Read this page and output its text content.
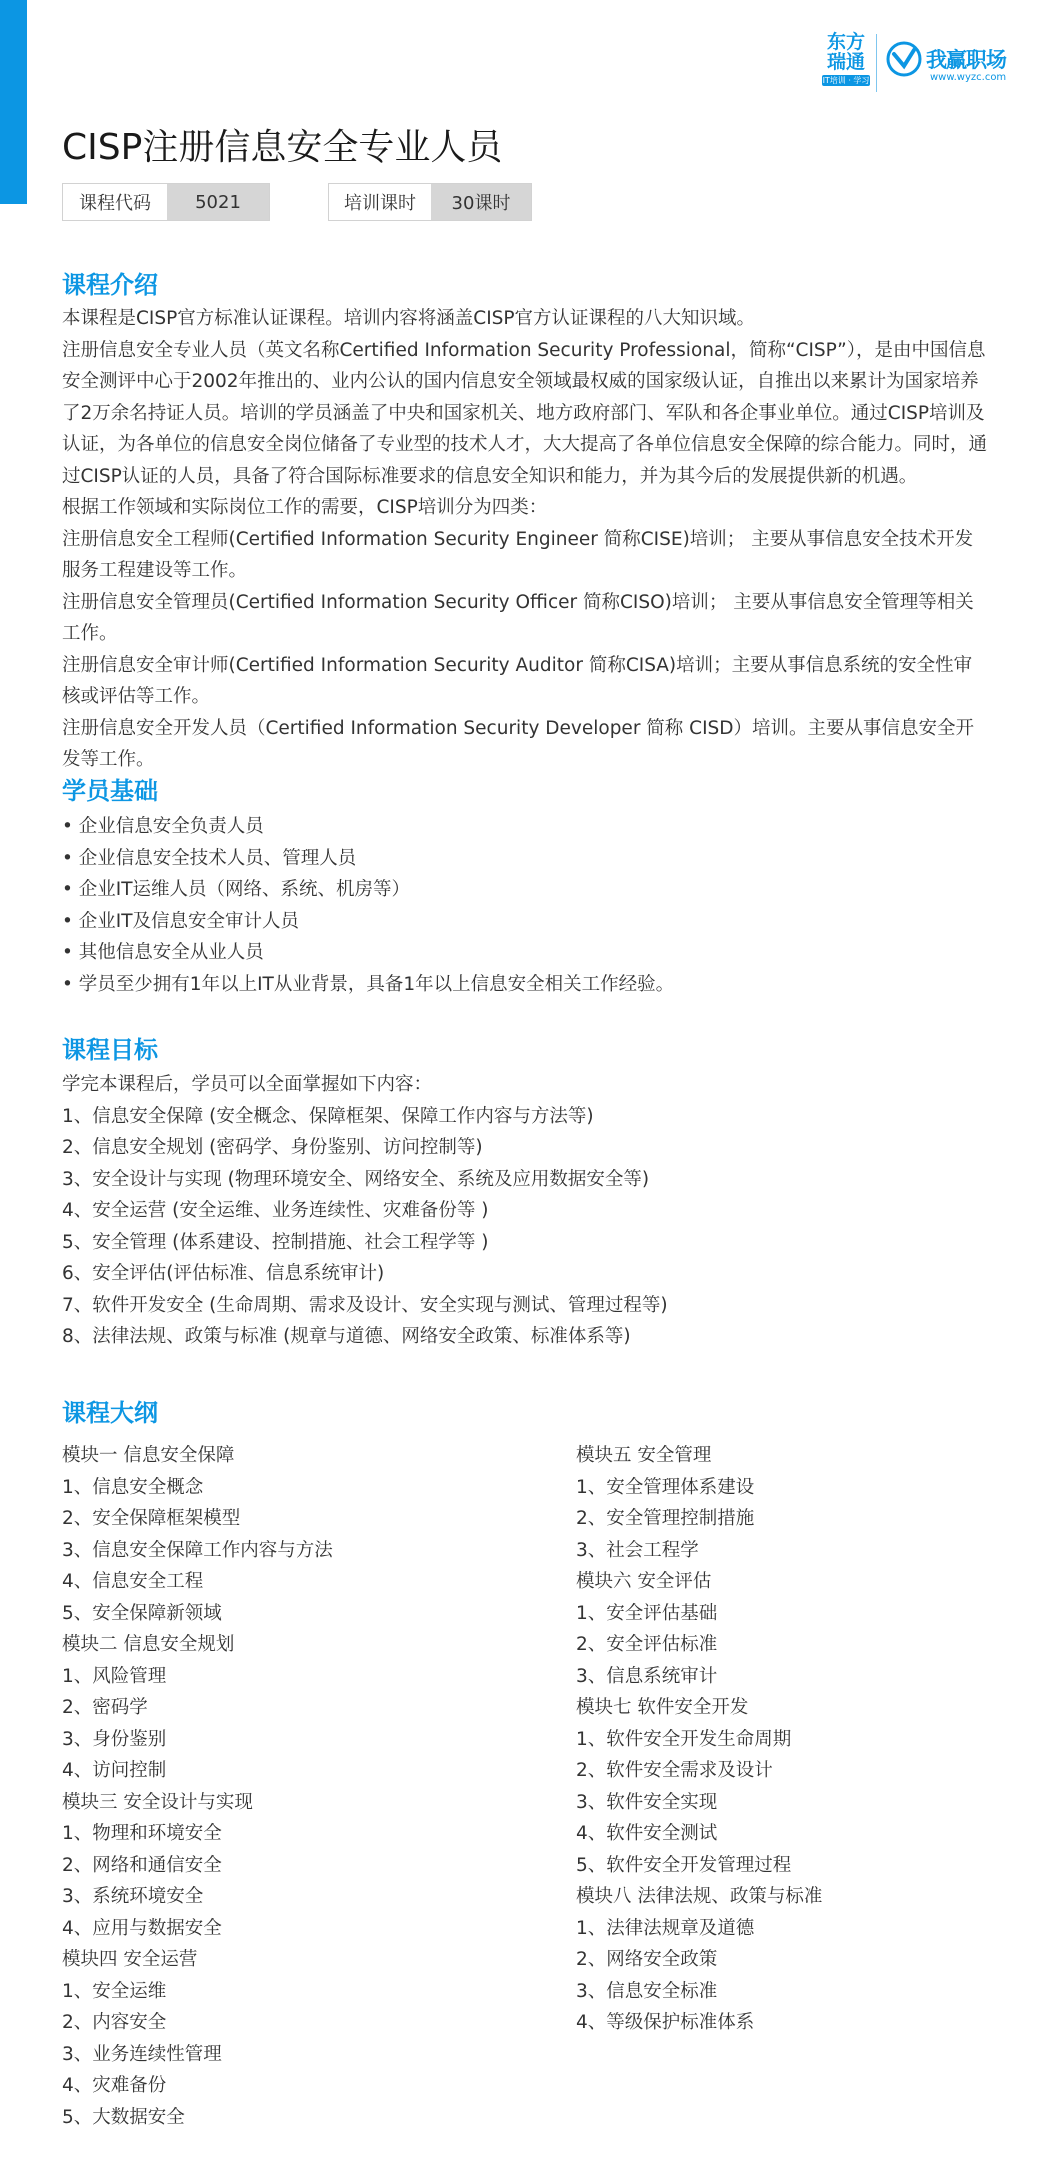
东方
瑞通
IT培训 · 学习
我赢职场
www.wyzc.com
CISP注册信息安全专业人员
课程代码	5021	培训课时	30课时
课程介绍

本课程是CISP官方标准认证课程。培训内容将涵盖CISP官方认证课程的八大知识域。

注册信息安全专业人员（英文名称Certified Information Security Professional，简称“CISP”），是由中国信息安全测评中心于2002年推出的、业内公认的国内信息安全领域最权威的国家级认证，自推出以来累计为国家培养了2万余名持证人员。培训的学员涵盖了中央和国家机关、地方政府部门、军队和各企事业单位。通过CISP培训及认证，为各单位的信息安全岗位储备了专业型的技术人才，大大提高了各单位信息安全保障的综合能力。同时，通过CISP认证的人员，具备了符合国际标准要求的信息安全知识和能力，并为其今后的发展提供新的机遇。

根据工作领域和实际岗位工作的需要，CISP培训分为四类：

注册信息安全工程师(Certified Information Security Engineer 简称CISE)培训； 主要从事信息安全技术开发服务工程建设等工作。

注册信息安全管理员(Certified Information Security Officer 简称CISO)培训； 主要从事信息安全管理等相关工作。

注册信息安全审计师(Certified Information Security Auditor 简称CISA)培训；主要从事信息系统的安全性审核或评估等工作。

注册信息安全开发人员（Certified Information Security Developer 简称 CISD）培训。主要从事信息安全开发等工作。

学员基础
• 企业信息安全负责人员
• 企业信息安全技术人员、管理人员
• 企业IT运维人员（网络、系统、机房等）
• 企业IT及信息安全审计人员
• 其他信息安全从业人员
• 学员至少拥有1年以上IT从业背景，具备1年以上信息安全相关工作经验。
课程目标
学完本课程后，学员可以全面掌握如下内容：
1、信息安全保障 (安全概念、保障框架、保障工作内容与方法等)
2、信息安全规划 (密码学、身份鉴别、访问控制等)
3、安全设计与实现 (物理环境安全、网络安全、系统及应用数据安全等)
4、安全运营 (安全运维、业务连续性、灾难备份等 )
5、安全管理 (体系建设、控制措施、社会工程学等 )
6、安全评估(评估标准、信息系统审计)
7、软件开发安全 (生命周期、需求及设计、安全实现与测试、管理过程等)
8、法律法规、政策与标准 (规章与道德、网络安全政策、标准体系等)
课程大纲
模块一 信息安全保障
1、信息安全概念
2、安全保障框架模型
3、信息安全保障工作内容与方法
4、信息安全工程
5、安全保障新领域
模块二 信息安全规划
1、风险管理
2、密码学
3、身份鉴别
4、访问控制
模块三 安全设计与实现
1、物理和环境安全
2、网络和通信安全
3、系统环境安全
4、应用与数据安全
模块四 安全运营
1、安全运维
2、内容安全
3、业务连续性管理
4、灾难备份
5、大数据安全
模块五 安全管理
1、安全管理体系建设
2、安全管理控制措施
3、社会工程学
模块六 安全评估
1、安全评估基础
2、安全评估标准
3、信息系统审计
模块七 软件安全开发
1、软件安全开发生命周期
2、软件安全需求及设计
3、软件安全实现
4、软件安全测试
5、软件安全开发管理过程
模块八 法律法规、政策与标准
1、法律法规章及道德
2、网络安全政策
3、信息安全标准
4、等级保护标准体系
